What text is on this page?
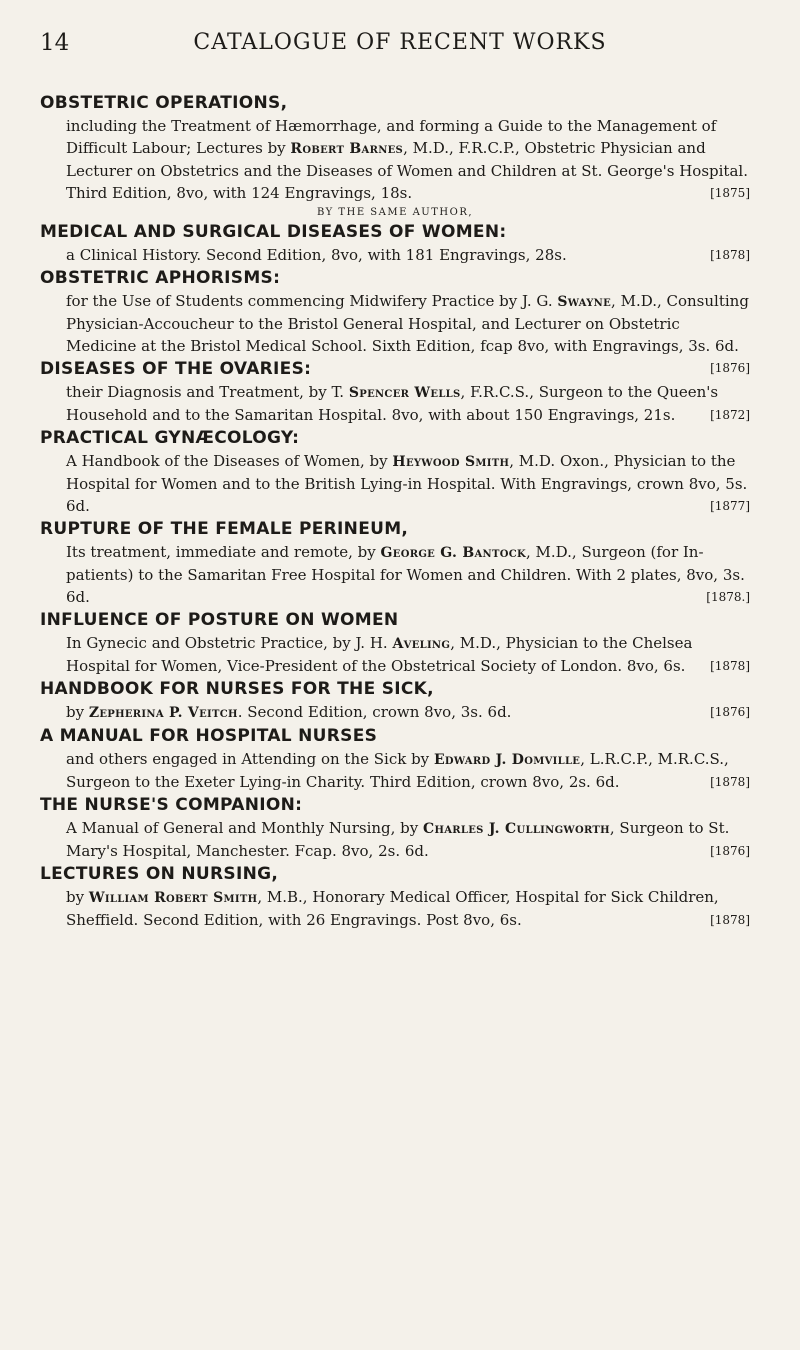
14	CATALOGUE OF RECENT WORKS
OBSTETRIC OPERATIONS,
including the Treatment of Hæmorrhage, and forming a Guide to the Management of Difficult Labour; Lectures by Robert Barnes, M.D., F.R.C.P., Obstetric Physician and Lecturer on Obstetrics and the Diseases of Women and Children at St. George's Hospital. Third Edition, 8vo, with 124 Engravings, 18s.	[1875]
BY THE SAME AUTHOR,
MEDICAL AND SURGICAL DISEASES OF WOMEN:
a Clinical History. Second Edition, 8vo, with 181 Engravings, 28s.	[1878]
OBSTETRIC APHORISMS:
for the Use of Students commencing Midwifery Practice by J. G. Swayne, M.D., Consulting Physician-Accoucheur to the Bristol General Hospital, and Lecturer on Obstetric Medicine at the Bristol Medical School. Sixth Edition, fcap 8vo, with Engravings, 3s. 6d.
[1876]
DISEASES OF THE OVARIES:
their Diagnosis and Treatment, by T. Spencer Wells, F.R.C.S., Surgeon to the Queen's Household and to the Samaritan Hospital. 8vo, with about 150 Engravings, 21s.	[1872]
PRACTICAL GYNÆCOLOGY:
A Handbook of the Diseases of Women, by Heywood Smith, M.D. Oxon., Physician to the Hospital for Women and to the British Lying-in Hospital. With Engravings, crown 8vo, 5s. 6d.	[1877]
RUPTURE OF THE FEMALE PERINEUM,
Its treatment, immediate and remote, by George G. Bantock, M.D., Surgeon (for In-patients) to the Samaritan Free Hospital for Women and Children. With 2 plates, 8vo, 3s. 6d.	[1878.]
INFLUENCE OF POSTURE ON WOMEN
In Gynecic and Obstetric Practice, by J. H. Aveling, M.D., Physician to the Chelsea Hospital for Women, Vice-President of the Obstetrical Society of London. 8vo, 6s. [1878]
HANDBOOK FOR NURSES FOR THE SICK,
by Zepherina P. Veitch. Second Edition, crown 8vo, 3s. 6d.	[1876]
A MANUAL FOR HOSPITAL NURSES
and others engaged in Attending on the Sick by Edward J. Domville, L.R.C.P., M.R.C.S., Surgeon to the Exeter Lying-in Charity. Third Edition, crown 8vo, 2s. 6d.	[1878]
THE NURSE'S COMPANION:
A Manual of General and Monthly Nursing, by Charles J. Cullingworth, Surgeon to St. Mary's Hospital, Manchester. Fcap. 8vo, 2s. 6d.	[1876]
LECTURES ON NURSING,
by William Robert Smith, M.B., Honorary Medical Officer, Hospital for Sick Children, Sheffield. Second Edition, with 26 Engravings. Post 8vo, 6s.	[1878]
